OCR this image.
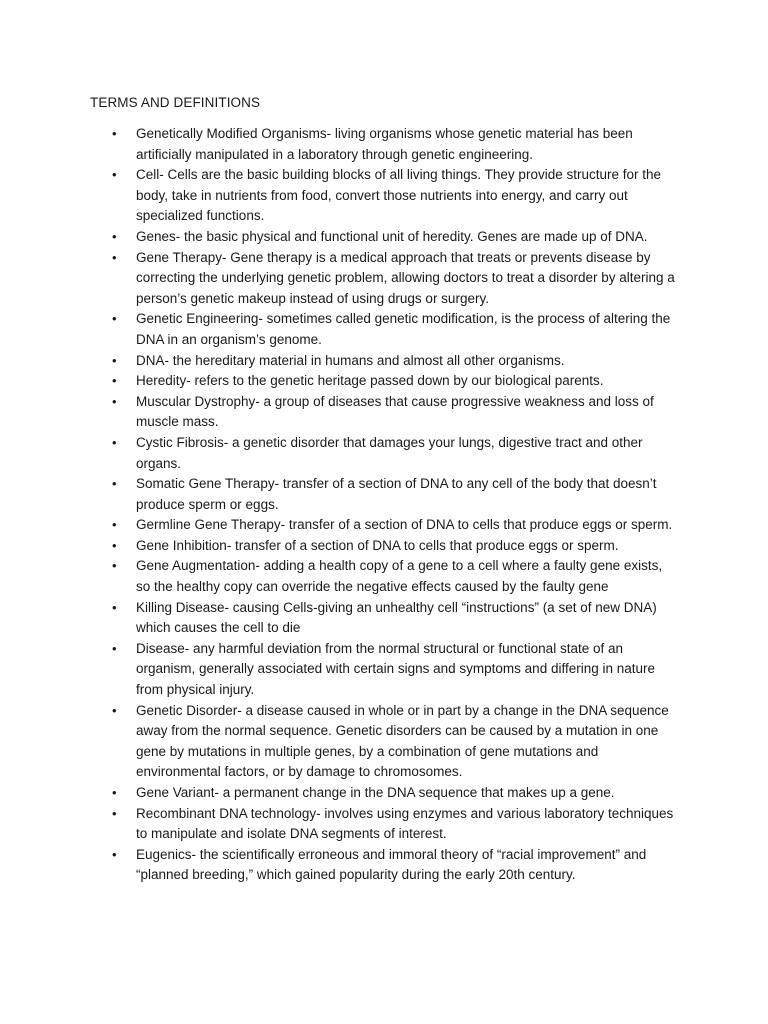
TERMS AND DEFINITIONS
• Genetically Modified Organisms- living organisms whose genetic material has been artificially manipulated in a laboratory through genetic engineering.
• Cell- Cells are the basic building blocks of all living things. They provide structure for the body, take in nutrients from food, convert those nutrients into energy, and carry out specialized functions.
• Genes- the basic physical and functional unit of heredity. Genes are made up of DNA.
• Gene Therapy- Gene therapy is a medical approach that treats or prevents disease by correcting the underlying genetic problem, allowing doctors to treat a disorder by altering a person’s genetic makeup instead of using drugs or surgery.
• Genetic Engineering- sometimes called genetic modification, is the process of altering the DNA in an organism’s genome.
• DNA- the hereditary material in humans and almost all other organisms.
• Heredity- refers to the genetic heritage passed down by our biological parents.
• Muscular Dystrophy- a group of diseases that cause progressive weakness and loss of muscle mass.
• Cystic Fibrosis- a genetic disorder that damages your lungs, digestive tract and other organs.
• Somatic Gene Therapy- transfer of a section of DNA to any cell of the body that doesn’t produce sperm or eggs.
• Germline Gene Therapy- transfer of a section of DNA to cells that produce eggs or sperm.
• Gene Inhibition- transfer of a section of DNA to cells that produce eggs or sperm.
• Gene Augmentation- adding a health copy of a gene to a cell where a faulty gene exists, so the healthy copy can override the negative effects caused by the faulty gene
• Killing Disease- causing Cells-giving an unhealthy cell “instructions” (a set of new DNA) which causes the cell to die
• Disease- any harmful deviation from the normal structural or functional state of an organism, generally associated with certain signs and symptoms and differing in nature from physical injury.
• Genetic Disorder- a disease caused in whole or in part by a change in the DNA sequence away from the normal sequence. Genetic disorders can be caused by a mutation in one gene by mutations in multiple genes, by a combination of gene mutations and environmental factors, or by damage to chromosomes.
• Gene Variant- a permanent change in the DNA sequence that makes up a gene.
• Recombinant DNA technology- involves using enzymes and various laboratory techniques to manipulate and isolate DNA segments of interest.
• Eugenics- the scientifically erroneous and immoral theory of “racial improvement” and “planned breeding,” which gained popularity during the early 20th century.
